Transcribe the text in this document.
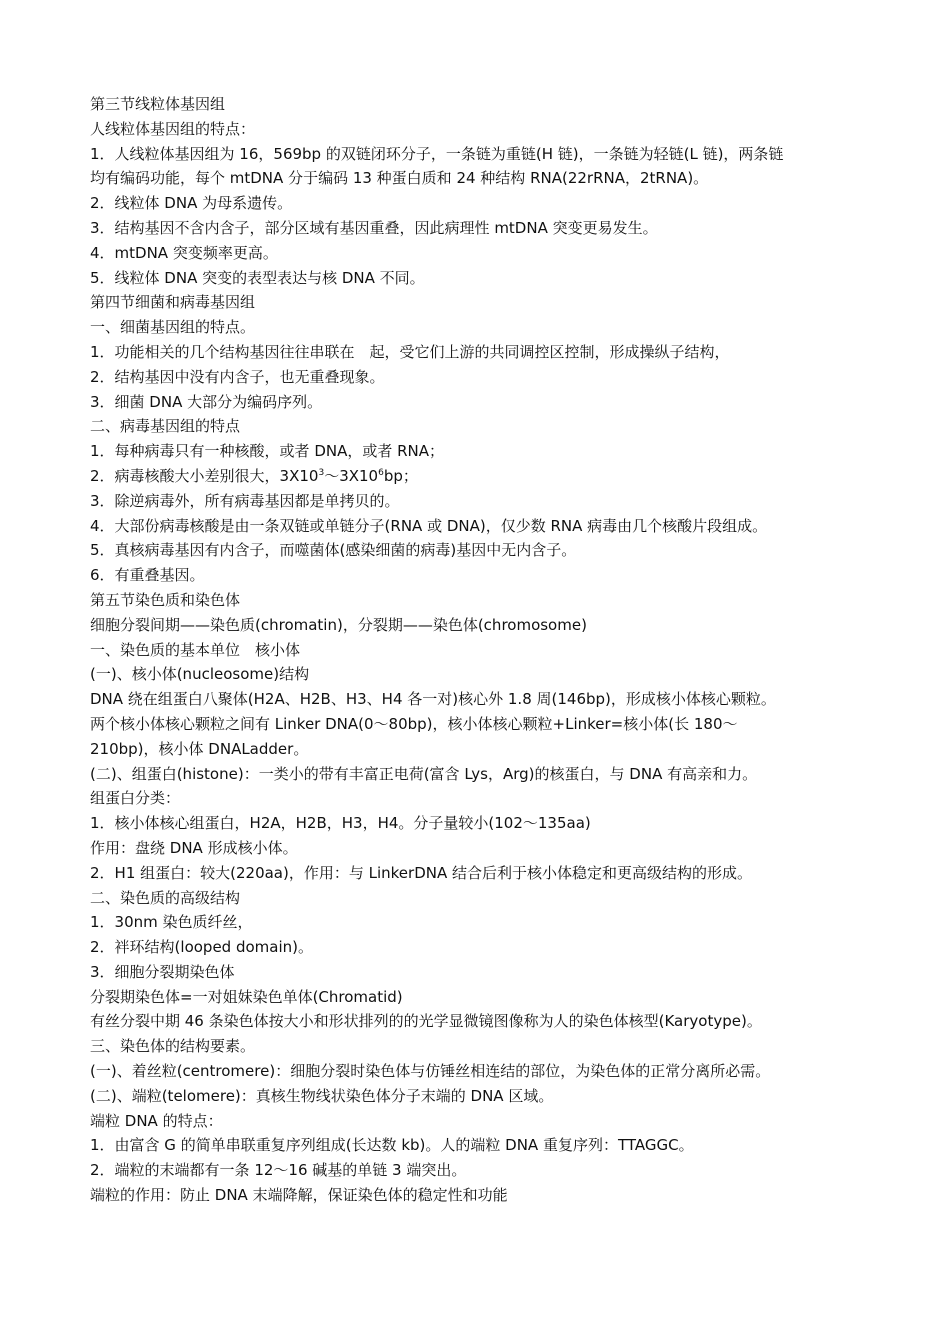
第三节线粒体基因组
人线粒体基因组的特点：
1．人线粒体基因组为 16，569bp 的双链闭环分子，一条链为重链(H 链)，一条链为轻链(L 链)，两条链
均有编码功能，每个 mtDNA 分于编码 13 种蛋白质和 24 种结构 RNA(22rRNA，2tRNA)。
2．线粒体 DNA 为母系遗传。
3．结构基因不含内含子，部分区域有基因重叠，因此病理性 mtDNA 突变更易发生。
4．mtDNA 突变频率更高。
5．线粒体 DNA 突变的表型表达与核 DNA 不同。
第四节细菌和病毒基因组
一、细菌基因组的特点。
1．功能相关的几个结构基因往往串联在　起，受它们上游的共同调控区控制，形成操纵子结构，
2．结构基因中没有内含子，也无重叠现象。
3．细菌 DNA 大部分为编码序列。
二、病毒基因组的特点
1．每种病毒只有一种核酸，或者 DNA，或者 RNA；
2．病毒核酸大小差别很大，$3X10^3\sim 3X10^6bp$；
3．除逆病毒外，所有病毒基因都是单拷贝的。
4．大部份病毒核酸是由一条双链或单链分子(RNA 或 DNA)，仅少数 RNA 病毒由几个核酸片段组成。
5．真核病毒基因有内含子，而噬菌体(感染细菌的病毒)基因中无内含子。
6．有重叠基因。
第五节染色质和染色体
细胞分裂间期——染色质(chromatin)，分裂期——染色体(chromosome)
一、染色质的基本单位　核小体
(一)、核小体(nucleosome)结构
DNA 绕在组蛋白八聚体(H2A、H2B、H3、H4 各一对)核心外 1.8 周(146bp)，形成核小体核心颗粒。
两个核小体核心颗粒之间有 Linker DNA(0～80bp)，核小体核心颗粒+Linker=核小体(长 180～
210bp)，核小体 DNALadder。
(二)、组蛋白(histone)：一类小的带有丰富正电荷(富含 Lys，Arg)的核蛋白，与 DNA 有高亲和力。
组蛋白分类：
1．核小体核心组蛋白，H2A，H2B，H3，H4。分子量较小(102～135aa)
作用：盘绕 DNA 形成核小体。
2．H1 组蛋白：较大(220aa)，作用：与 LinkerDNA 结合后利于核小体稳定和更高级结构的形成。
二、染色质的高级结构
1．30nm 染色质纤丝，
2．袢环结构(looped domain)。
3．细胞分裂期染色体
分裂期染色体=一对姐妹染色单体(Chromatid)
有丝分裂中期 46 条染色体按大小和形状排列的的光学显微镜图像称为人的染色体核型(Karyotype)。
三、染色体的结构要素。
(一)、着丝粒(centromere)：细胞分裂时染色体与仿锤丝相连结的部位，为染色体的正常分离所必需。
(二)、端粒(telomere)：真核生物线状染色体分子末端的 DNA 区域。
端粒 DNA 的特点：
1．由富含 G 的简单串联重复序列组成(长达数 kb)。人的端粒 DNA 重复序列：TTAGGC。
2．端粒的末端都有一条 12～16 碱基的单链 3 端突出。
端粒的作用：防止 DNA 末端降解，保证染色体的稳定性和功能
